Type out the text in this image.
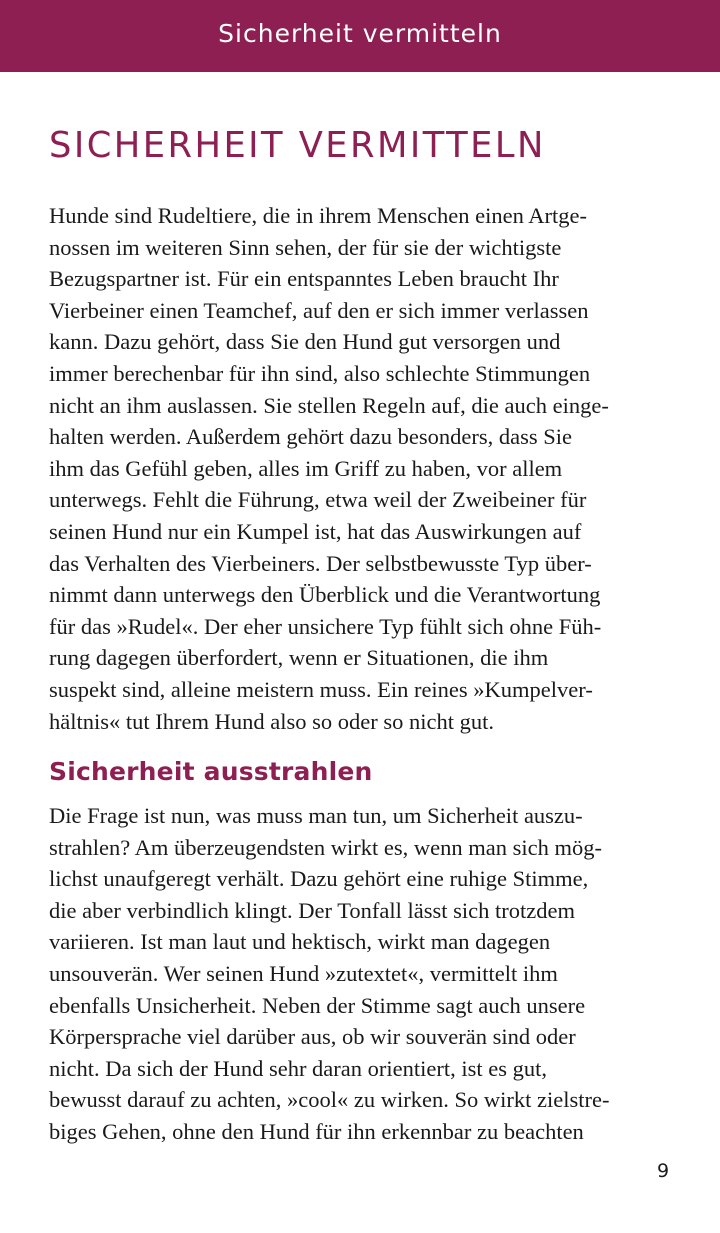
Sicherheit vermitteln
SICHERHEIT VERMITTELN

Hunde sind Rudeltiere, die in ihrem Menschen einen Artge-
nossen im weiteren Sinn sehen, der für sie der wichtigste
Bezugspartner ist. Für ein entspanntes Leben braucht Ihr
Vierbeiner einen Teamchef, auf den er sich immer verlassen
kann. Dazu gehört, dass Sie den Hund gut versorgen und
immer berechenbar für ihn sind, also schlechte Stimmungen
nicht an ihm auslassen. Sie stellen Regeln auf, die auch einge-
halten werden. Außerdem gehört dazu besonders, dass Sie
ihm das Gefühl geben, alles im Griff zu haben, vor allem
unterwegs. Fehlt die Führung, etwa weil der Zweibeiner für
seinen Hund nur ein Kumpel ist, hat das Auswirkungen auf
das Verhalten des Vierbeiners. Der selbstbewusste Typ über-
nimmt dann unterwegs den Überblick und die Verantwortung
für das »Rudel«. Der eher unsichere Typ fühlt sich ohne Füh-
rung dagegen überfordert, wenn er Situationen, die ihm
suspekt sind, alleine meistern muss. Ein reines »Kumpelver-
hältnis« tut Ihrem Hund also so oder so nicht gut.

Sicherheit ausstrahlen

Die Frage ist nun, was muss man tun, um Sicherheit auszu-
strahlen? Am überzeugendsten wirkt es, wenn man sich mög-
lichst unaufgeregt verhält. Dazu gehört eine ruhige Stimme,
die aber verbindlich klingt. Der Tonfall lässt sich trotzdem
variieren. Ist man laut und hektisch, wirkt man dagegen
unsouverän. Wer seinen Hund »zutextet«, vermittelt ihm
ebenfalls Unsicherheit. Neben der Stimme sagt auch unsere
Körpersprache viel darüber aus, ob wir souverän sind oder
nicht. Da sich der Hund sehr daran orientiert, ist es gut,
bewusst darauf zu achten, »cool« zu wirken. So wirkt zielstre-
biges Gehen, ohne den Hund für ihn erkennbar zu beachten

9
